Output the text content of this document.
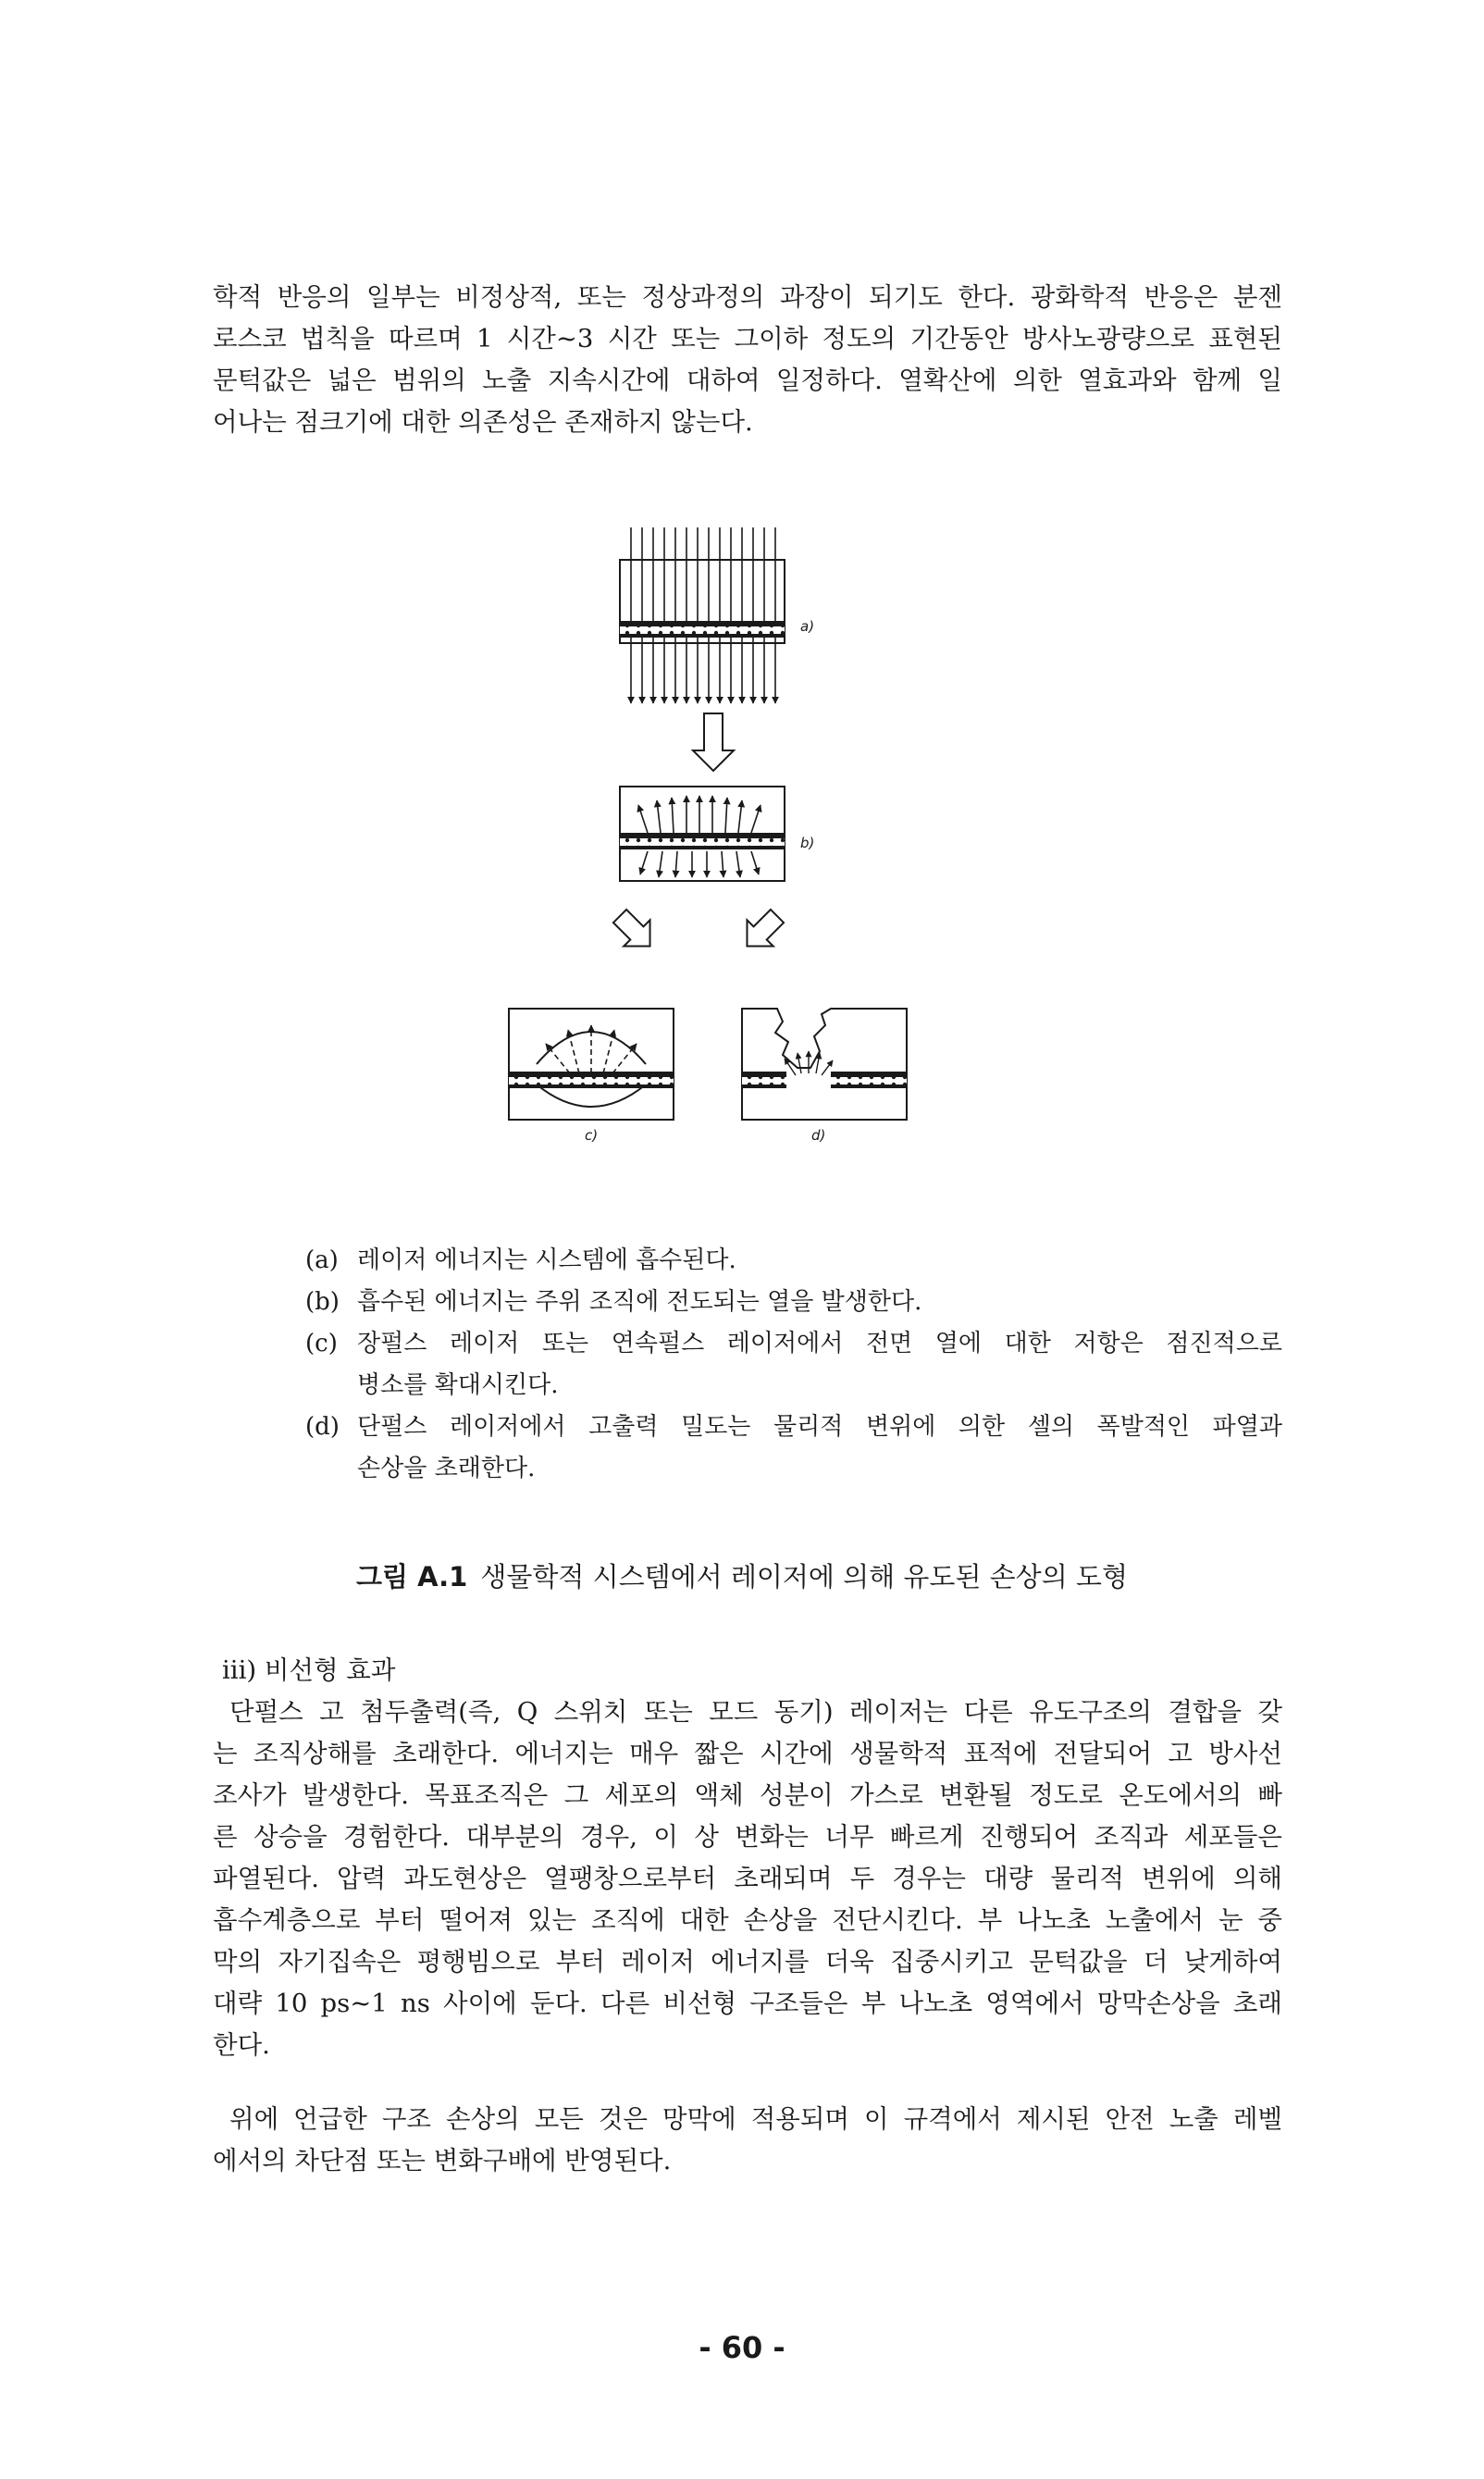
학적 반응의 일부는 비정상적, 또는 정상과정의 과장이 되기도 한다. 광화학적 반응은 분젠
로스코 법칙을 따르며 1 시간~3 시간 또는 그이하 정도의 기간동안 방사노광량으로 표현된
문턱값은 넓은 범위의 노출 지속시간에 대하여 일정하다. 열확산에 의한 열효과와 함께 일
어나는 점크기에 대한 의존성은 존재하지 않는다.
a)
b)
c)	d)
(a) 레이저 에너지는 시스템에 흡수된다.
(b) 흡수된 에너지는 주위 조직에 전도되는 열을 발생한다.
(c) 장펄스 레이저 또는 연속펄스 레이저에서 전면 열에 대한 저항은 점진적으로
병소를 확대시킨다.
(d) 단펄스 레이저에서 고출력 밀도는 물리적 변위에 의한 셀의 폭발적인 파열과
손상을 초래한다.
그림 A.1 생물학적 시스템에서 레이저에 의해 유도된 손상의 도형
iii) 비선형 효과
단펄스 고 첨두출력(즉, Q 스위치 또는 모드 동기) 레이저는 다른 유도구조의 결합을 갖
는 조직상해를 초래한다. 에너지는 매우 짧은 시간에 생물학적 표적에 전달되어 고 방사선
조사가 발생한다. 목표조직은 그 세포의 액체 성분이 가스로 변환될 정도로 온도에서의 빠
른 상승을 경험한다. 대부분의 경우, 이 상 변화는 너무 빠르게 진행되어 조직과 세포들은
파열된다. 압력 과도현상은 열팽창으로부터 초래되며 두 경우는 대량 물리적 변위에 의해
흡수계층으로 부터 떨어져 있는 조직에 대한 손상을 전단시킨다. 부 나노초 노출에서 눈 중
막의 자기집속은 평행빔으로 부터 레이저 에너지를 더욱 집중시키고 문턱값을 더 낮게하여
대략 10 ps~1 ns 사이에 둔다. 다른 비선형 구조들은 부 나노초 영역에서 망막손상을 초래
한다.
위에 언급한 구조 손상의 모든 것은 망막에 적용되며 이 규격에서 제시된 안전 노출 레벨
에서의 차단점 또는 변화구배에 반영된다.
- 60 -
